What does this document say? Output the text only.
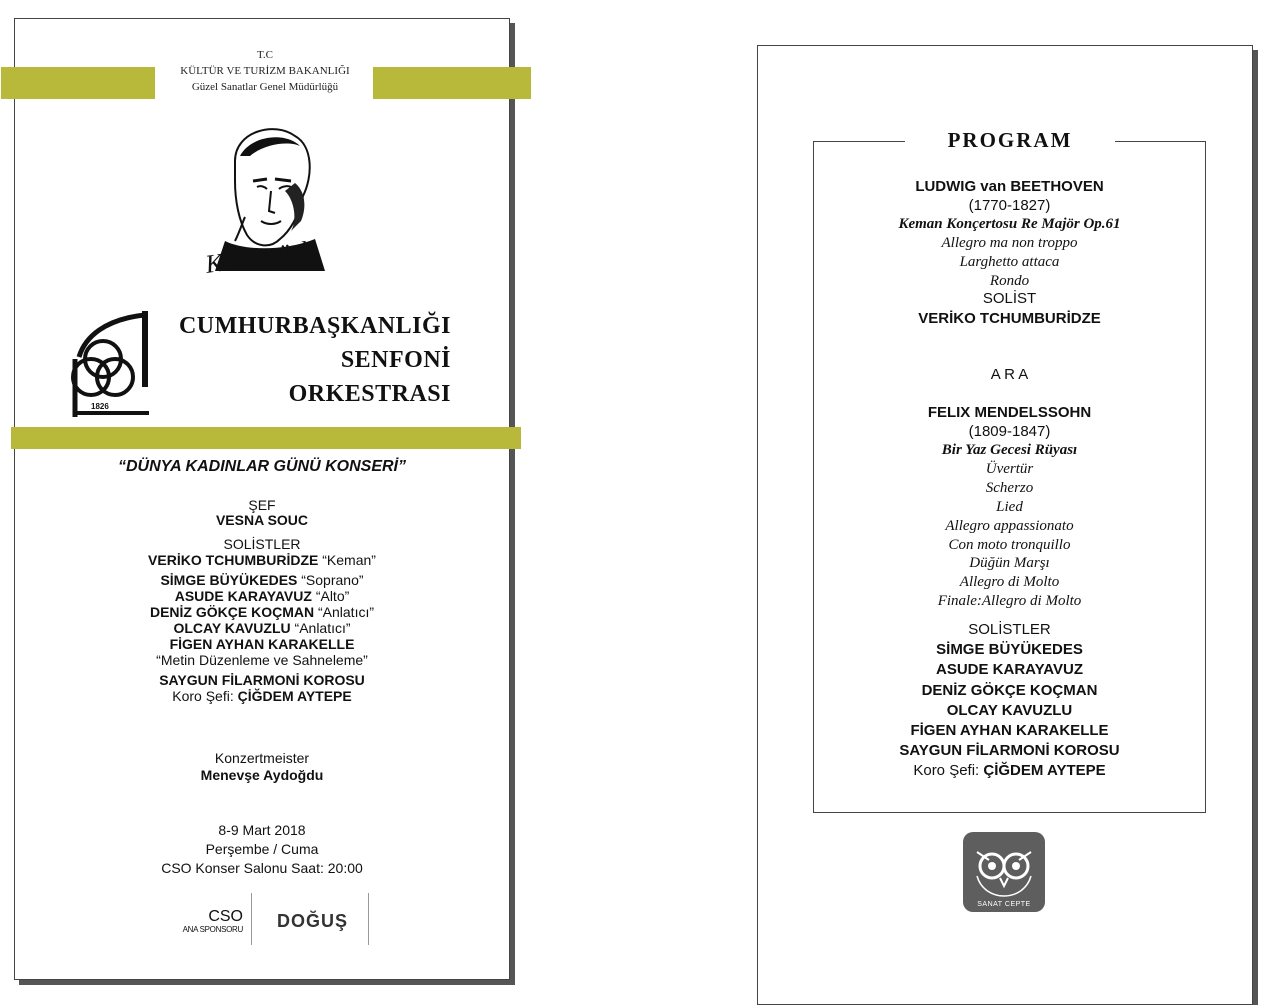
T.C
KÜLTÜR VE TURİZM BAKANLIĞI
Güzel Sanatlar Genel Müdürlüğü
K. Atatürk
1826
CUMHURBAŞKANLIĞI
SENFONİ
ORKESTRASI
“DÜNYA KADINLAR GÜNÜ KONSERİ”
ŞEF
VESNA SOUC
SOLİSTLER
VERİKO TCHUMBURİDZE “Keman”
SİMGE BÜYÜKEDES “Soprano”
ASUDE KARAYAVUZ “Alto”
DENİZ GÖKÇE KOÇMAN “Anlatıcı”
OLCAY KAVUZLU “Anlatıcı”
FİGEN AYHAN KARAKELLE
“Metin Düzenleme ve Sahneleme”
SAYGUN FİLARMONİ KOROSU
Koro Şefi: ÇİĞDEM AYTEPE
Konzertmeister
Menevşe Aydoğdu
8-9 Mart 2018
Perşembe / Cuma
CSO Konser Salonu Saat: 20:00
CSO
ANA SPONSORU DOĞUŞ
PROGRAM
LUDWIG van BEETHOVEN
(1770-1827)
Keman Konçertosu Re Majör Op.61
Allegro ma non troppo
Larghetto attaca
Rondo
SOLİST
VERİKO TCHUMBURİDZE
A R A
FELIX MENDELSSOHN
(1809-1847)
Bir Yaz Gecesi Rüyası
Üvertür
Scherzo
Lied
Allegro appassionato
Con moto tronquillo
Düğün Marşı
Allegro di Molto
Finale:Allegro di Molto
SOLİSTLER
SİMGE BÜYÜKEDES
ASUDE KARAYAVUZ
DENİZ GÖKÇE KOÇMAN
OLCAY KAVUZLU
FİGEN AYHAN KARAKELLE
SAYGUN FİLARMONİ KOROSU
Koro Şefi: ÇİĞDEM AYTEPE
SANAT CEPTE
